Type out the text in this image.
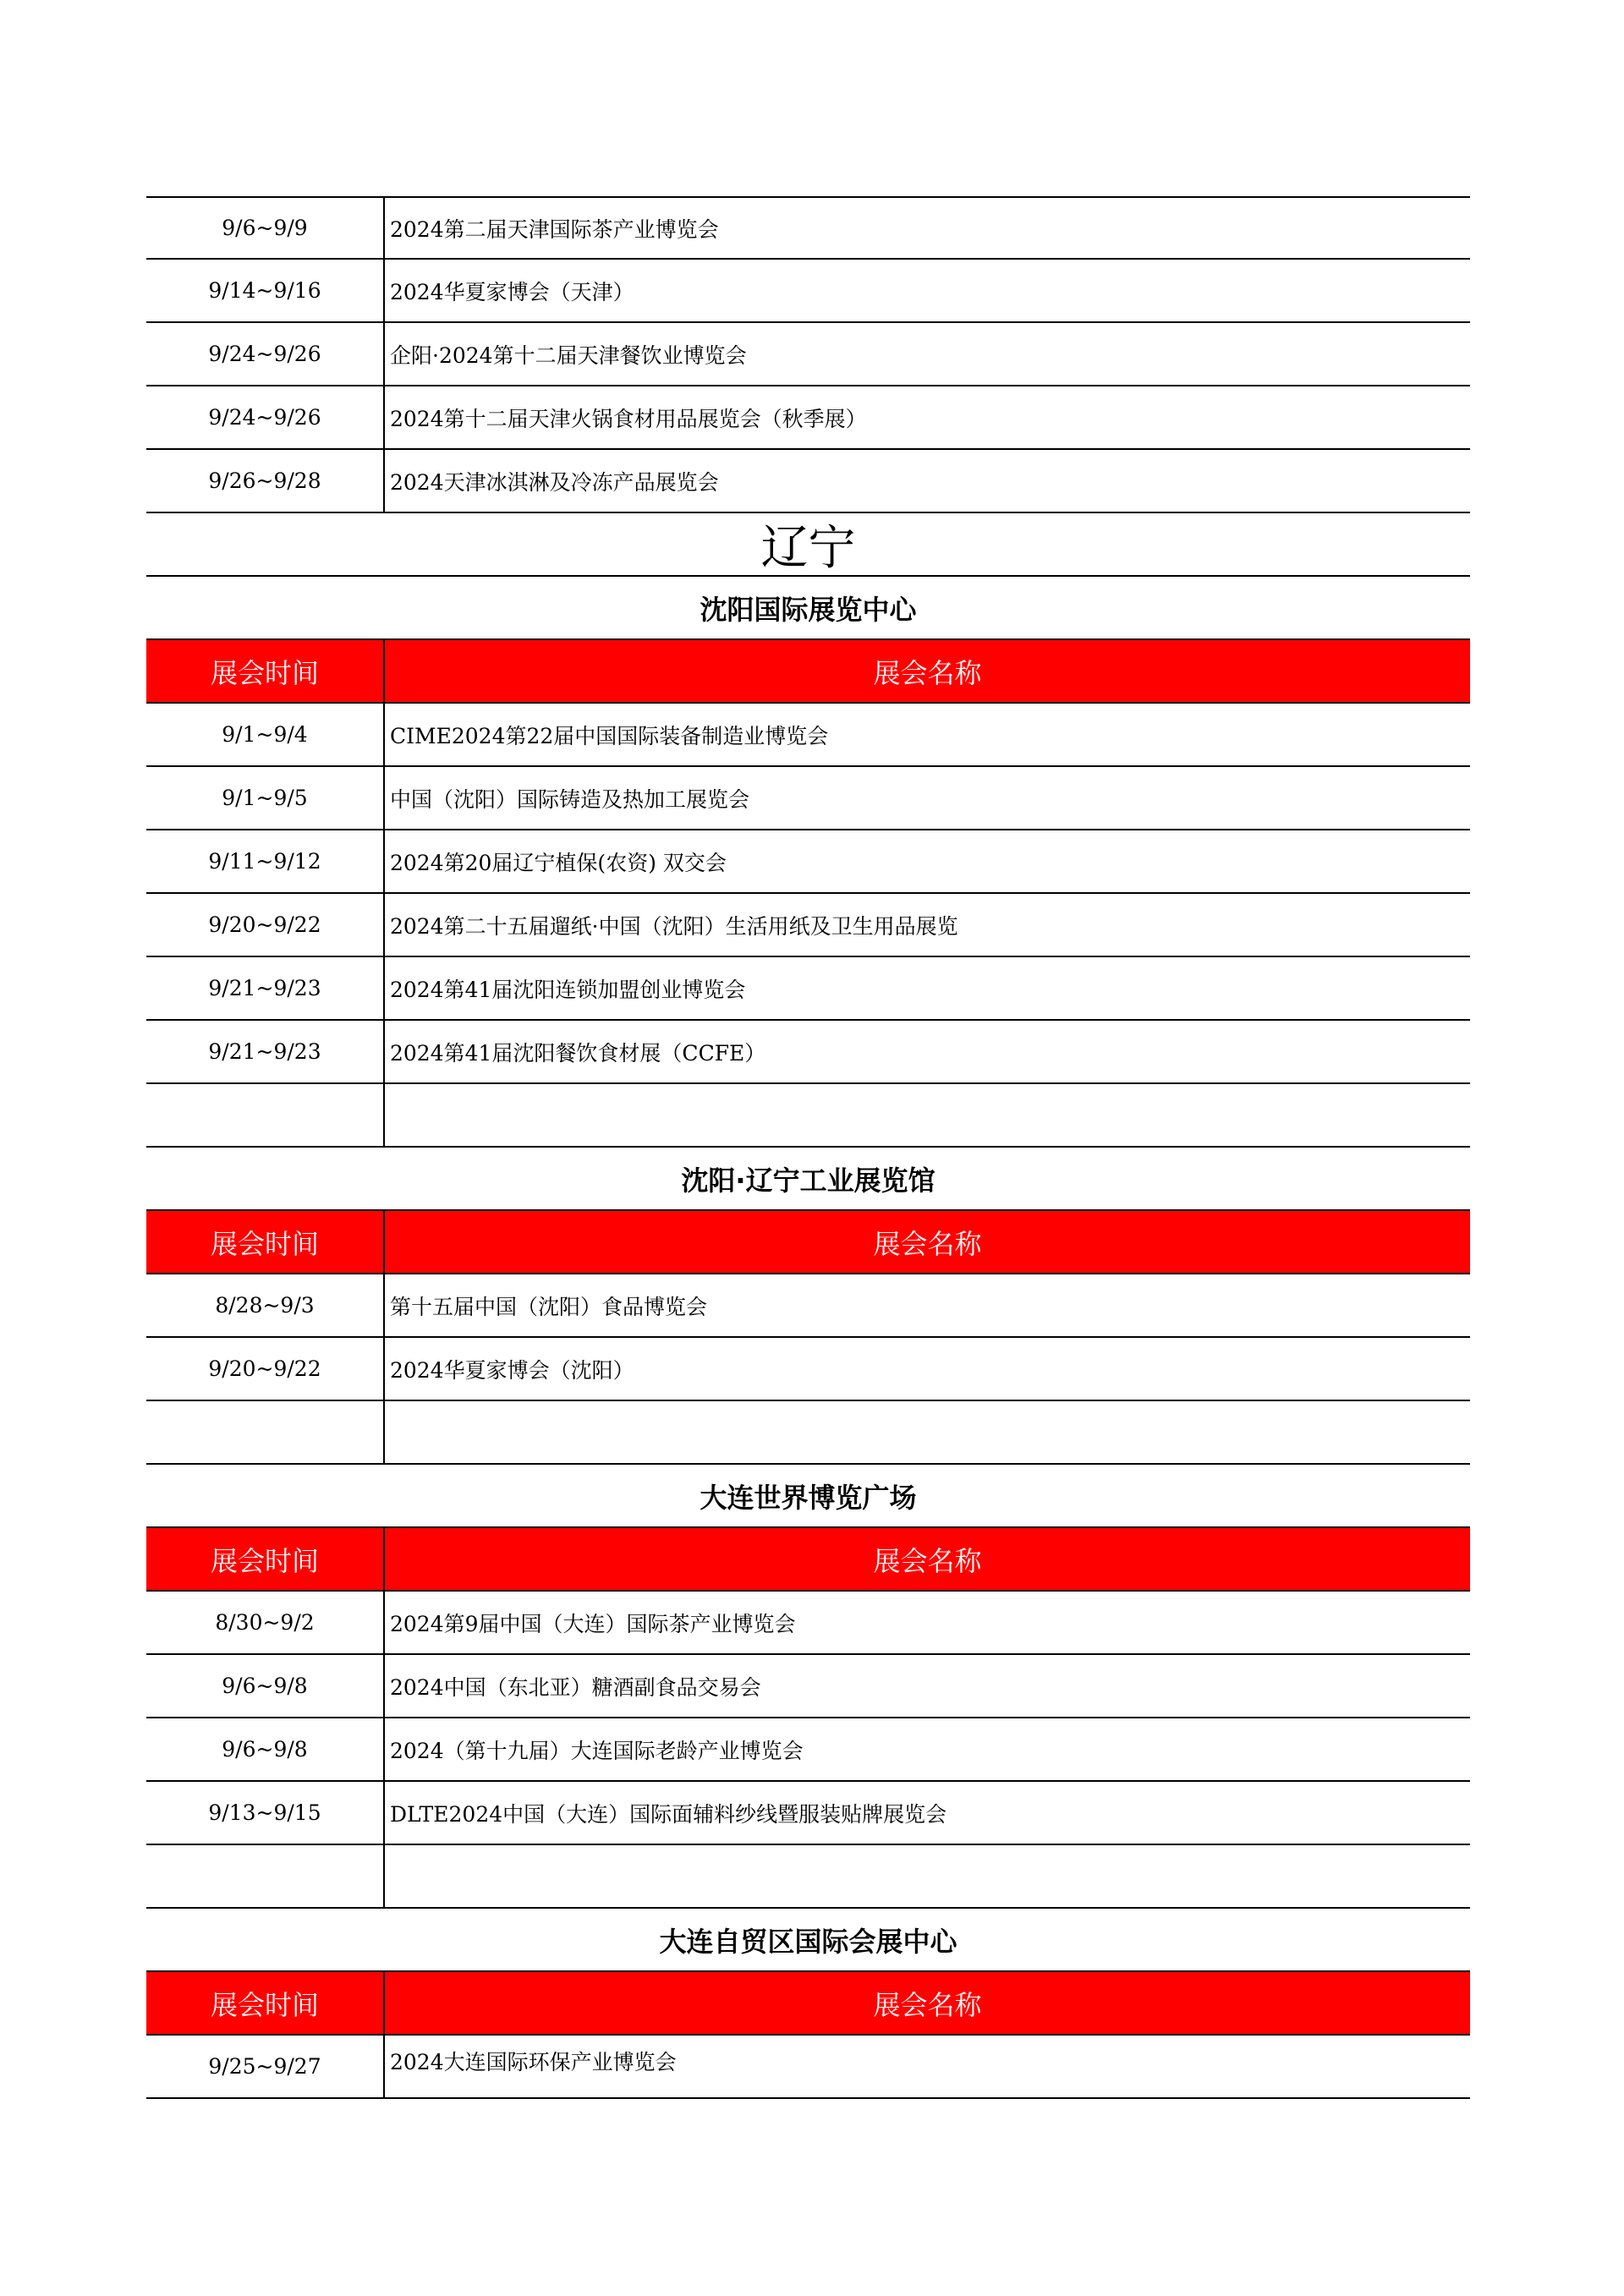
9/6~9/9	2024第二届天津国际茶产业博览会
9/14~9/16	2024华夏家博会（天津）
9/24~9/26	企阳·2024第十二届天津餐饮业博览会
9/24~9/26	2024第十二届天津火锅食材用品展览会（秋季展）
9/26~9/28	2024天津冰淇淋及冷冻产品展览会
辽宁
沈阳国际展览中心
展会时间	展会名称
9/1~9/4	CIME2024第22届中国国际装备制造业博览会
9/1~9/5	中国（沈阳）国际铸造及热加工展览会
9/11~9/12	2024第20届辽宁植保(农资) 双交会
9/20~9/22	2024第二十五届遛纸·中国（沈阳）生活用纸及卫生用品展览
9/21~9/23	2024第41届沈阳连锁加盟创业博览会
9/21~9/23	2024第41届沈阳餐饮食材展（CCFE）
沈阳·辽宁工业展览馆
展会时间	展会名称
8/28~9/3	第十五届中国（沈阳）食品博览会
9/20~9/22	2024华夏家博会（沈阳）
大连世界博览广场
展会时间	展会名称
8/30~9/2	2024第9届中国（大连）国际茶产业博览会
9/6~9/8	2024中国（东北亚）糖酒副食品交易会
9/6~9/8	2024（第十九届）大连国际老龄产业博览会
9/13~9/15	DLTE2024中国（大连）国际面辅料纱线暨服装贴牌展览会
大连自贸区国际会展中心
展会时间	展会名称
9/25~9/27	2024大连国际环保产业博览会
